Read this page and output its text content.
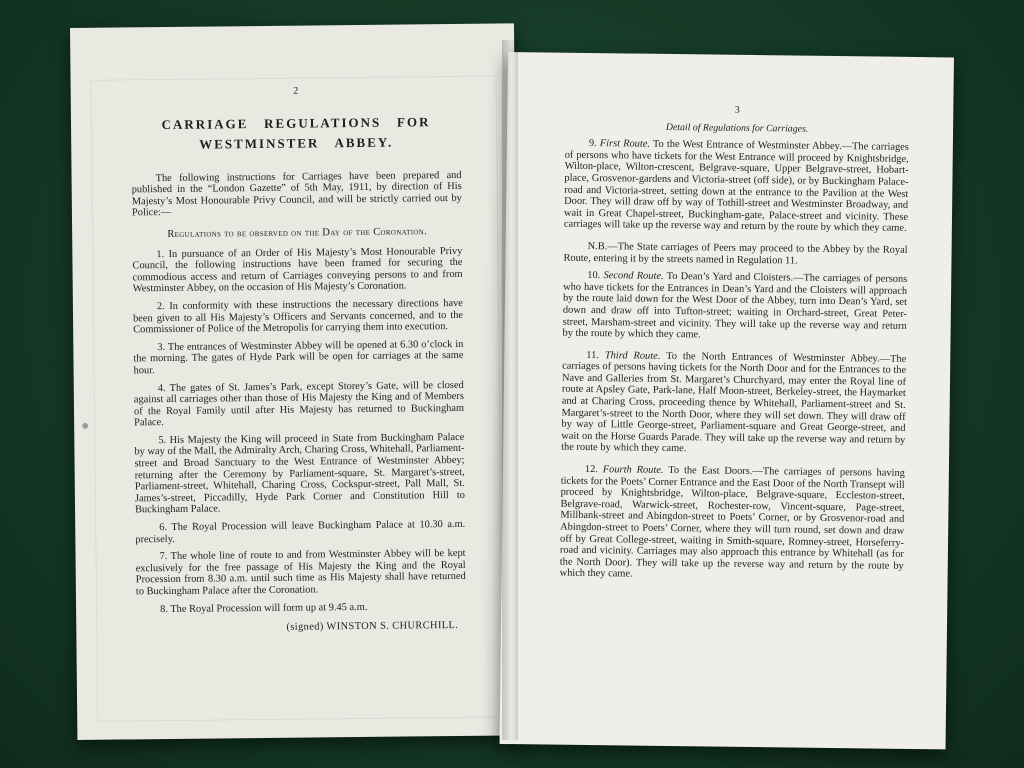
2
CARRIAGE   REGULATIONS   FOR
WESTMINSTER   ABBEY.

The following instructions for Carriages have been prepared and published in the “London Gazette” of 5th May, 1911, by direction of His Majesty’s Most Honourable Privy Council, and will be strictly carried out by Police:—

Regulations to be observed on the Day of the Coronation.

1. In pursuance of an Order of His Majesty’s Most Honourable Privy Council, the following instructions have been framed for securing the commodious access and return of Carriages conveying persons to and from Westminster Abbey, on the occasion of His Majesty’s Coronation.

2. In conformity with these instructions the necessary directions have been given to all His Majesty’s Officers and Servants concerned, and to the Commissioner of Police of the Metropolis for carrying them into execution.

3. The entrances of Westminster Abbey will be opened at 6.30 o’clock in the morning. The gates of Hyde Park will be open for carriages at the same hour.

4. The gates of St. James’s Park, except Storey’s Gate, will be closed against all carriages other than those of His Majesty the King and of Members of the Royal Family until after His Majesty has returned to Buckingham Palace.

5. His Majesty the King will proceed in State from Buckingham Palace by way of the Mall, the Admiralty Arch, Charing Cross, Whitehall, Parliament-street and Broad Sanctuary to the West Entrance of Westminster Abbey; returning after the Ceremony by Parliament-square, St. Margaret’s-street, Parliament-street, Whitehall, Charing Cross, Cockspur-street, Pall Mall, St. James’s-street, Piccadilly, Hyde Park Corner and Constitution Hill to Buckingham Palace.

6. The Royal Procession will leave Buckingham Palace at 10.30 a.m. precisely.

7. The whole line of route to and from Westminster Abbey will be kept exclusively for the free passage of His Majesty the King and the Royal Procession from 8.30 a.m. until such time as His Majesty shall have returned to Buckingham Palace after the Coronation.

8. The Royal Procession will form up at 9.45 a.m.

(signed) WINSTON S. CHURCHILL.
3
Detail of Regulations for Carriages.

9. First Route. To the West Entrance of Westminster Abbey.—The carriages of persons who have tickets for the West Entrance will proceed by Knightsbridge, Wilton-place, Wilton-crescent, Belgrave-square, Upper Belgrave-street, Hobart-place, Grosvenor-gardens and Victoria-street (off side), or by Buckingham Palace-road and Victoria-street, setting down at the entrance to the Pavilion at the West Door. They will draw off by way of Tothill-street and Westminster Broadway, and wait in Great Chapel-street, Buckingham-gate, Palace-street and vicinity. These carriages will take up the reverse way and return by the route by which they came.

N.B.—The State carriages of Peers may proceed to the Abbey by the Royal Route, entering it by the streets named in Regulation 11.

10. Second Route. To Dean’s Yard and Cloisters.—The carriages of persons who have tickets for the Entrances in Dean’s Yard and the Cloisters will approach by the route laid down for the West Door of the Abbey, turn into Dean’s Yard, set down and draw off into Tufton-street; waiting in Orchard-street, Great Peter-street, Marsham-street and vicinity. They will take up the reverse way and return by the route by which they came.

11. Third Route. To the North Entrances of Westminster Abbey.—The carriages of persons having tickets for the North Door and for the Entrances to the Nave and Galleries from St. Margaret’s Churchyard, may enter the Royal line of route at Apsley Gate, Park-lane, Half Moon-street, Berkeley-street, the Haymarket and at Charing Cross, proceeding thence by Whitehall, Parliament-street and St. Margaret’s-street to the North Door, where they will set down. They will draw off by way of Little George-street, Parliament-square and Great George-street, and wait on the Horse Guards Parade. They will take up the reverse way and return by the route by which they came.

12. Fourth Route. To the East Doors.—The carriages of persons having tickets for the Poets’ Corner Entrance and the East Door of the North Transept will proceed by Knightsbridge, Wilton-place, Belgrave-square, Eccleston-street, Belgrave-road, Warwick-street, Rochester-row, Vincent-square, Page-street, Millbank-street and Abingdon-street to Poets’ Corner, or by Grosvenor-road and Abingdon-street to Poets’ Corner, where they will turn round, set down and draw off by Great College-street, waiting in Smith-square, Romney-street, Horseferry-road and vicinity. Carriages may also approach this entrance by Whitehall (as for the North Door). They will take up the reverse way and return by the route by which they came.
